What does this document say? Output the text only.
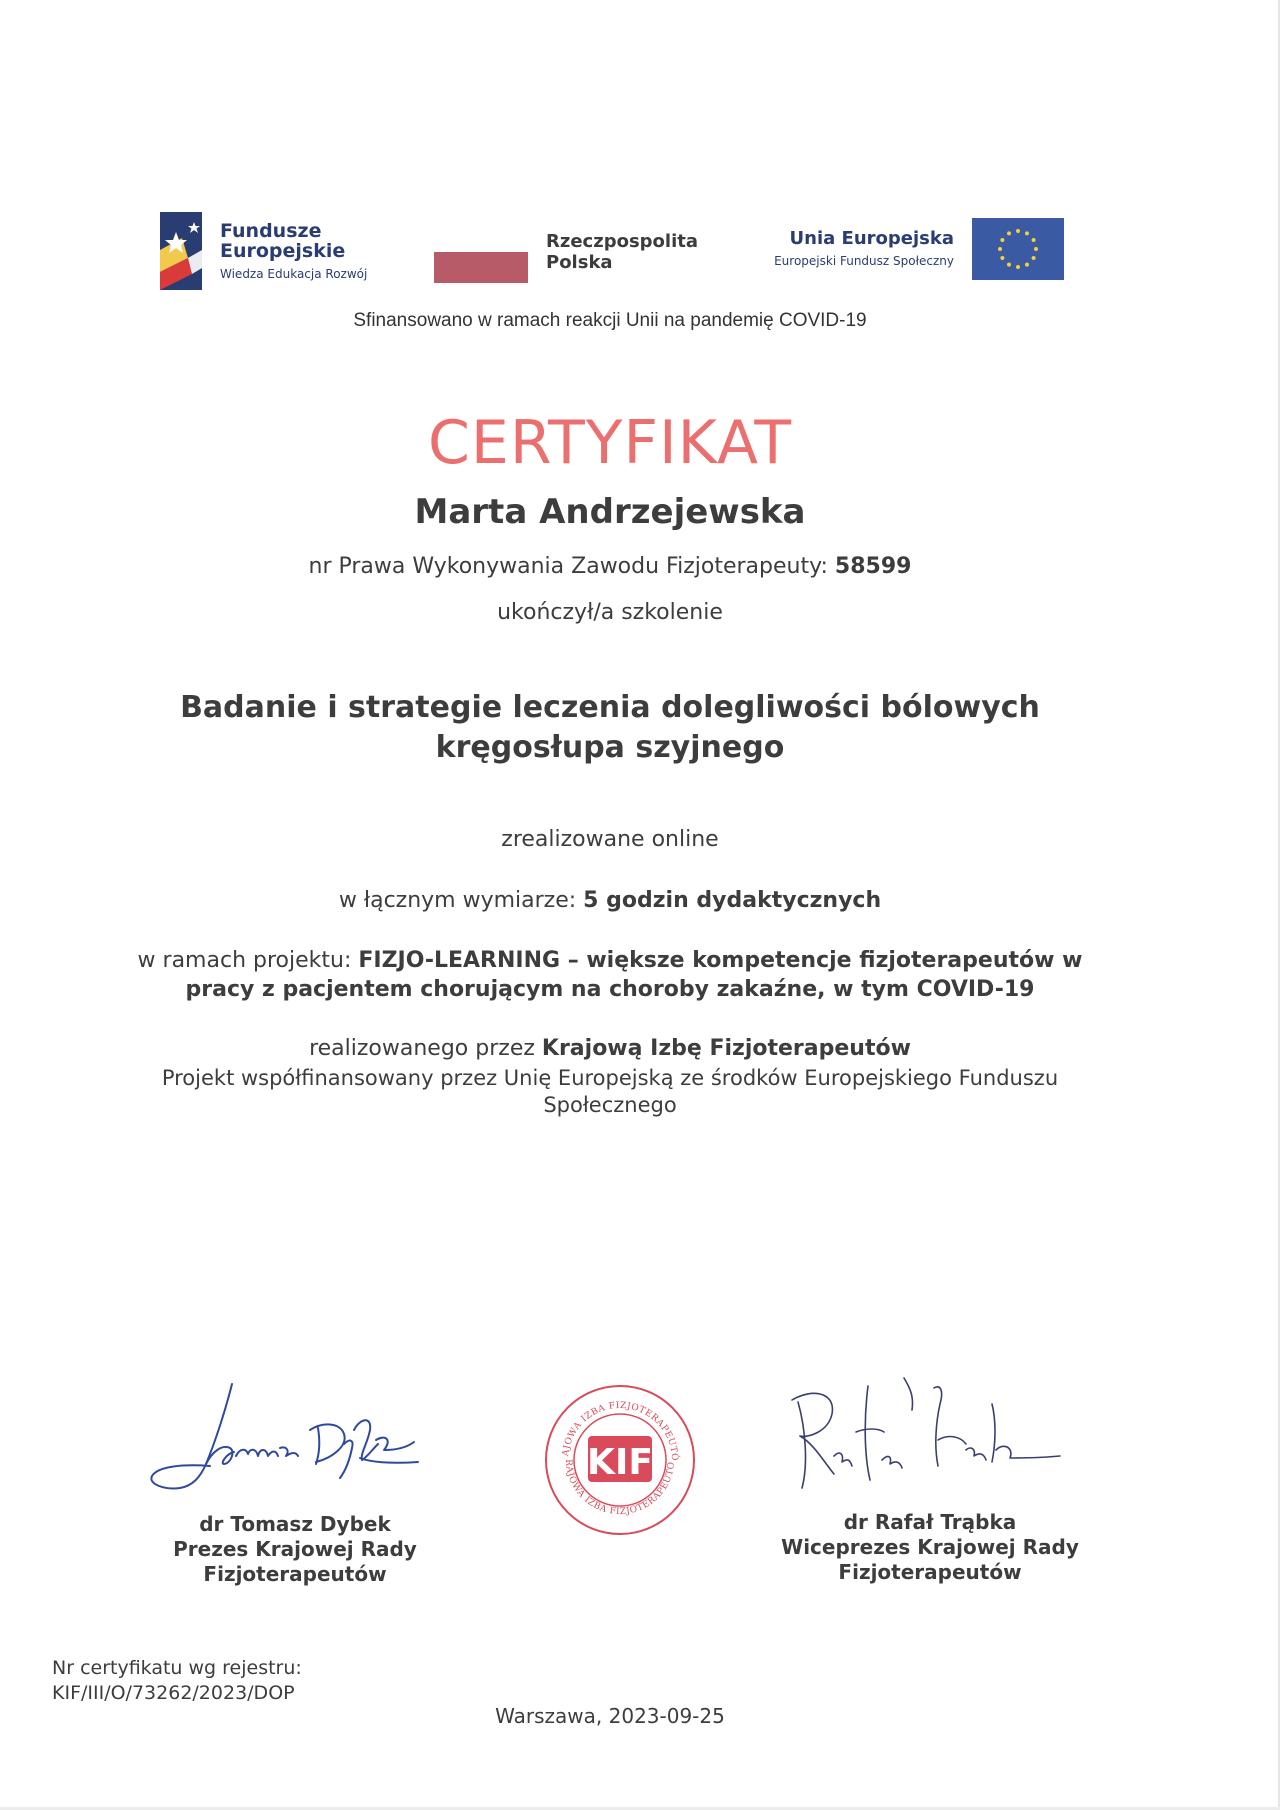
Fundusze
Europejskie
Wiedza Edukacja Rozwój
Rzeczpospolita
Polska
Unia Europejska
Europejski Fundusz Społeczny
Sfinansowano w ramach reakcji Unii na pandemię COVID-19
CERTYFIKAT
Marta Andrzejewska
nr Prawa Wykonywania Zawodu Fizjoterapeuty: 58599
ukończył/a szkolenie
Badanie i strategie leczenia dolegliwości bólowych
kręgosłupa szyjnego
zrealizowane online
w łącznym wymiarze: 5 godzin dydaktycznych
w ramach projektu: FIZJO-LEARNING – większe kompetencje fizjoterapeutów w
pracy z pacjentem chorującym na choroby zakaźne, w tym COVID-19
realizowanego przez Krajową Izbę Fizjoterapeutów
Projekt współfinansowany przez Unię Europejską ze środków Europejskiego Funduszu
Społecznego
AJOWA IZBA FIZJOTERAPEUTÓ
RAJOWA IZBA FIZJOTERAPEUTÓ
KIF
dr Tomasz Dybek
Prezes Krajowej Rady
Fizjoterapeutów
dr Rafał Trąbka
Wiceprezes Krajowej Rady
Fizjoterapeutów
Nr certyfikatu wg rejestru:
KIF/III/O/73262/2023/DOP
Warszawa, 2023-09-25
